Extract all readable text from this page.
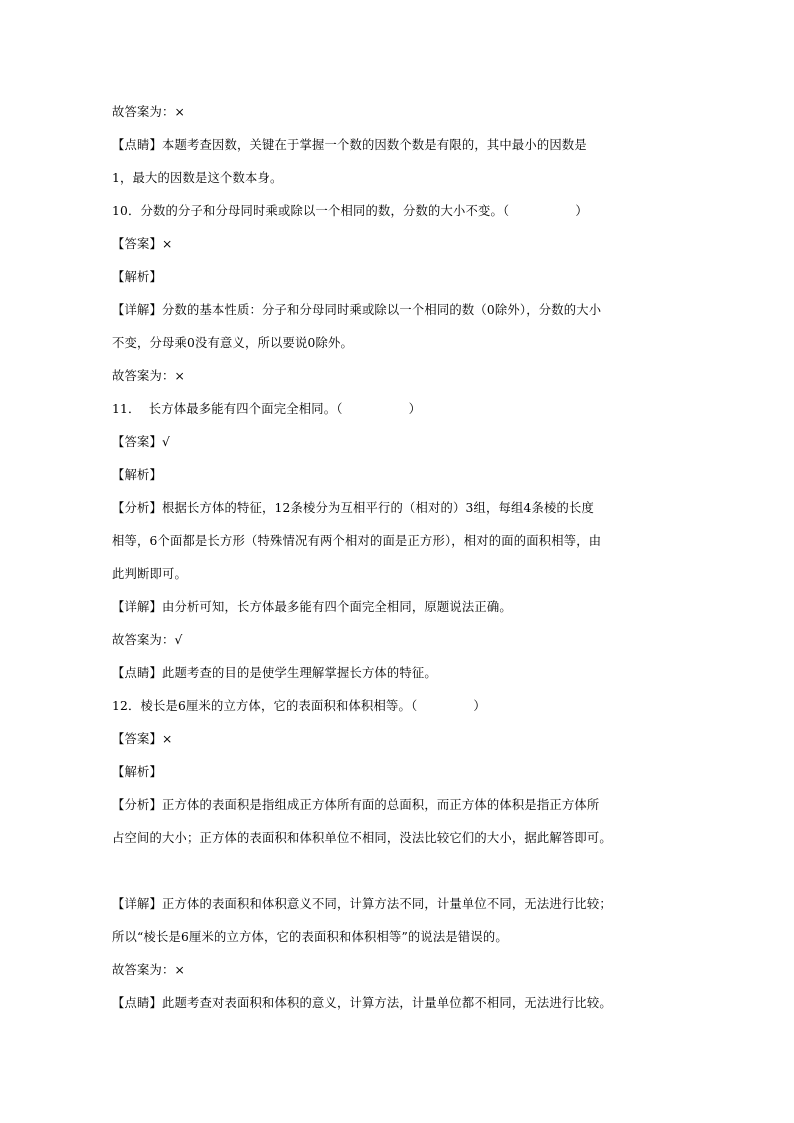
故答案为：×
【点睛】本题考查因数，关键在于掌握一个数的因数个数是有限的，其中最小的因数是
1，最大的因数是这个数本身。
10．分数的分子和分母同时乘或除以一个相同的数，分数的大小不变。（	）
【答案】×
【解析】
【详解】分数的基本性质：分子和分母同时乘或除以一个相同的数（0除外），分数的大小
不变，分母乘0没有意义，所以要说0除外。
故答案为：×
11．  长方体最多能有四个面完全相同。（	）
【答案】√
【解析】
【分析】根据长方体的特征，12条棱分为互相平行的（相对的）3组，每组4条棱的长度
相等，6个面都是长方形（特殊情况有两个相对的面是正方形），相对的面的面积相等，由
此判断即可。
【详解】由分析可知，长方体最多能有四个面完全相同，原题说法正确。
故答案为：√
【点睛】此题考查的目的是使学生理解掌握长方体的特征。
12．棱长是6厘米的立方体，它的表面积和体积相等。（	）
【答案】×
【解析】
【分析】正方体的表面积是指组成正方体所有面的总面积，而正方体的体积是指正方体所
占空间的大小；正方体的表面积和体积单位不相同，没法比较它们的大小，据此解答即可。
【详解】正方体的表面积和体积意义不同，计算方法不同，计量单位不同，无法进行比较；
所以“棱长是6厘米的立方体，它的表面积和体积相等”的说法是错误的。
故答案为：×
【点睛】此题考查对表面积和体积的意义，计算方法，计量单位都不相同，无法进行比较。
